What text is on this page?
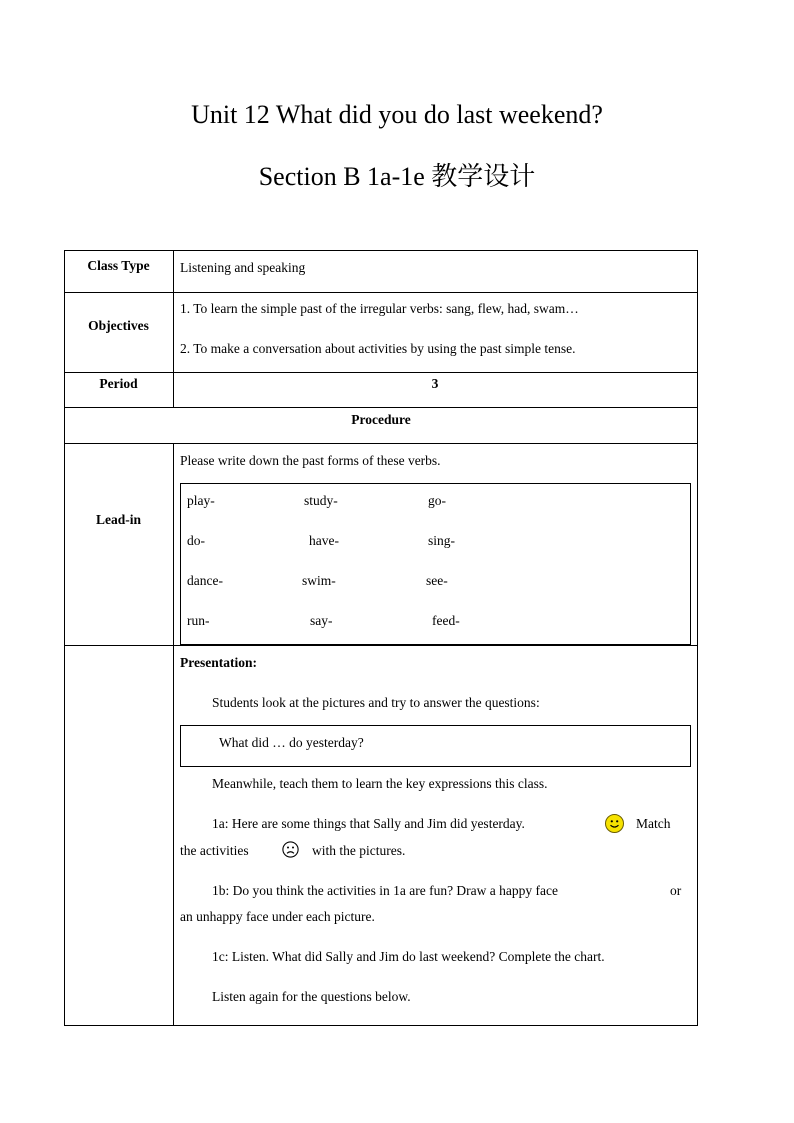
Unit 12 What did you do last weekend?
Section B 1a-1e 教学设计
Class Type	Listening and speaking
Objectives
1. To learn the simple past of the irregular verbs: sang, flew, had, swam…
2. To make a conversation about activities by using the past simple tense.
Period	3
Procedure
Lead-in
Please write down the past forms of these verbs.
play-	study-	go-
do-	have-	sing-
dance-	swim-	see-
run-	say-	feed-
Presentation:
Students look at the pictures and try to answer the questions:
What did … do yesterday?
Meanwhile, teach them to learn the key expressions this class.
1a: Here are some things that Sally and Jim did yesterday.	Match
the activities	with the pictures.
1b: Do you think the activities in 1a are fun? Draw a happy face	or
an unhappy face under each picture.
1c: Listen. What did Sally and Jim do last weekend? Complete the chart.
Listen again for the questions below.
